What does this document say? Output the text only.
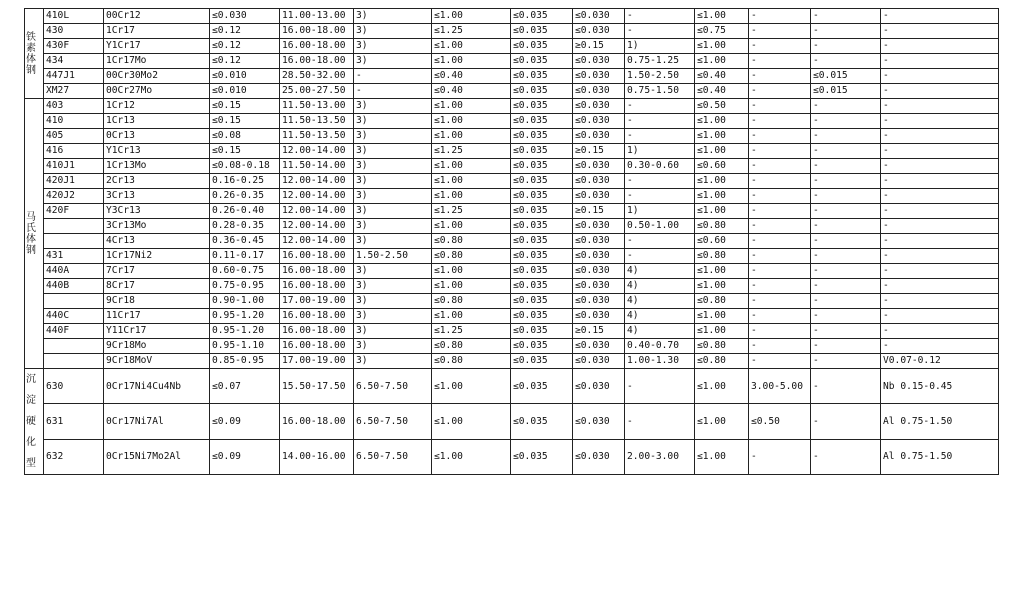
铁素体钢	410L	00Cr12	≤0.030	11.00-13.00	3)	≤1.00	≤0.035	≤0.030	-	≤1.00	-	-	-
	430	1Cr17	≤0.12	16.00-18.00	3)	≤1.25	≤0.035	≤0.030	-	≤0.75	-	-	-
	430F	Y1Cr17	≤0.12	16.00-18.00	3)	≤1.00	≤0.035	≥0.15	1)	≤1.00	-	-	-
	434	1Cr17Mo	≤0.12	16.00-18.00	3)	≤1.00	≤0.035	≤0.030	0.75-1.25	≤1.00	-	-	-
	447J1	00Cr30Mo2	≤0.010	28.50-32.00	-	≤0.40	≤0.035	≤0.030	1.50-2.50	≤0.40	-	≤0.015	-
	XM27	00Cr27Mo	≤0.010	25.00-27.50	-	≤0.40	≤0.035	≤0.030	0.75-1.50	≤0.40	-	≤0.015	-
马氏体钢	403	1Cr12	≤0.15	11.50-13.00	3)	≤1.00	≤0.035	≤0.030	-	≤0.50	-	-	-
	410	1Cr13	≤0.15	11.50-13.50	3)	≤1.00	≤0.035	≤0.030	-	≤1.00	-	-	-
	405	0Cr13	≤0.08	11.50-13.50	3)	≤1.00	≤0.035	≤0.030	-	≤1.00	-	-	-
	416	Y1Cr13	≤0.15	12.00-14.00	3)	≤1.25	≤0.035	≥0.15	1)	≤1.00	-	-	-
	410J1	1Cr13Mo	≤0.08-0.18	11.50-14.00	3)	≤1.00	≤0.035	≤0.030	0.30-0.60	≤0.60	-	-	-
	420J1	2Cr13	0.16-0.25	12.00-14.00	3)	≤1.00	≤0.035	≤0.030	-	≤1.00	-	-	-
	420J2	3Cr13	0.26-0.35	12.00-14.00	3)	≤1.00	≤0.035	≤0.030	-	≤1.00	-	-	-
	420F	Y3Cr13	0.26-0.40	12.00-14.00	3)	≤1.25	≤0.035	≥0.15	1)	≤1.00	-	-	-
		3Cr13Mo	0.28-0.35	12.00-14.00	3)	≤1.00	≤0.035	≤0.030	0.50-1.00	≤0.80	-	-	-
		4Cr13	0.36-0.45	12.00-14.00	3)	≤0.80	≤0.035	≤0.030	-	≤0.60	-	-	-
	431	1Cr17Ni2	0.11-0.17	16.00-18.00	1.50-2.50	≤0.80	≤0.035	≤0.030	-	≤0.80	-	-	-
	440A	7Cr17	0.60-0.75	16.00-18.00	3)	≤1.00	≤0.035	≤0.030	4)	≤1.00	-	-	-
	440B	8Cr17	0.75-0.95	16.00-18.00	3)	≤1.00	≤0.035	≤0.030	4)	≤1.00	-	-	-
		9Cr18	0.90-1.00	17.00-19.00	3)	≤0.80	≤0.035	≤0.030	4)	≤0.80	-	-	-
	440C	11Cr17	0.95-1.20	16.00-18.00	3)	≤1.00	≤0.035	≤0.030	4)	≤1.00	-	-	-
	440F	Y11Cr17	0.95-1.20	16.00-18.00	3)	≤1.25	≤0.035	≥0.15	4)	≤1.00	-	-	-
		9Cr18Mo	0.95-1.10	16.00-18.00	3)	≤0.80	≤0.035	≤0.030	0.40-0.70	≤0.80	-	-	-
		9Cr18MoV	0.85-0.95	17.00-19.00	3)	≤0.80	≤0.035	≤0.030	1.00-1.30	≤0.80	-	-	V0.07-0.12
沉淀硬化型	630	0Cr17Ni4Cu4Nb	≤0.07	15.50-17.50	6.50-7.50	≤1.00	≤0.035	≤0.030	-	≤1.00	3.00-5.00	-	Nb 0.15-0.45
	631	0Cr17Ni7Al	≤0.09	16.00-18.00	6.50-7.50	≤1.00	≤0.035	≤0.030	-	≤1.00	≤0.50	-	Al 0.75-1.50
	632	0Cr15Ni7Mo2Al	≤0.09	14.00-16.00	6.50-7.50	≤1.00	≤0.035	≤0.030	2.00-3.00	≤1.00	-	-	Al 0.75-1.50
